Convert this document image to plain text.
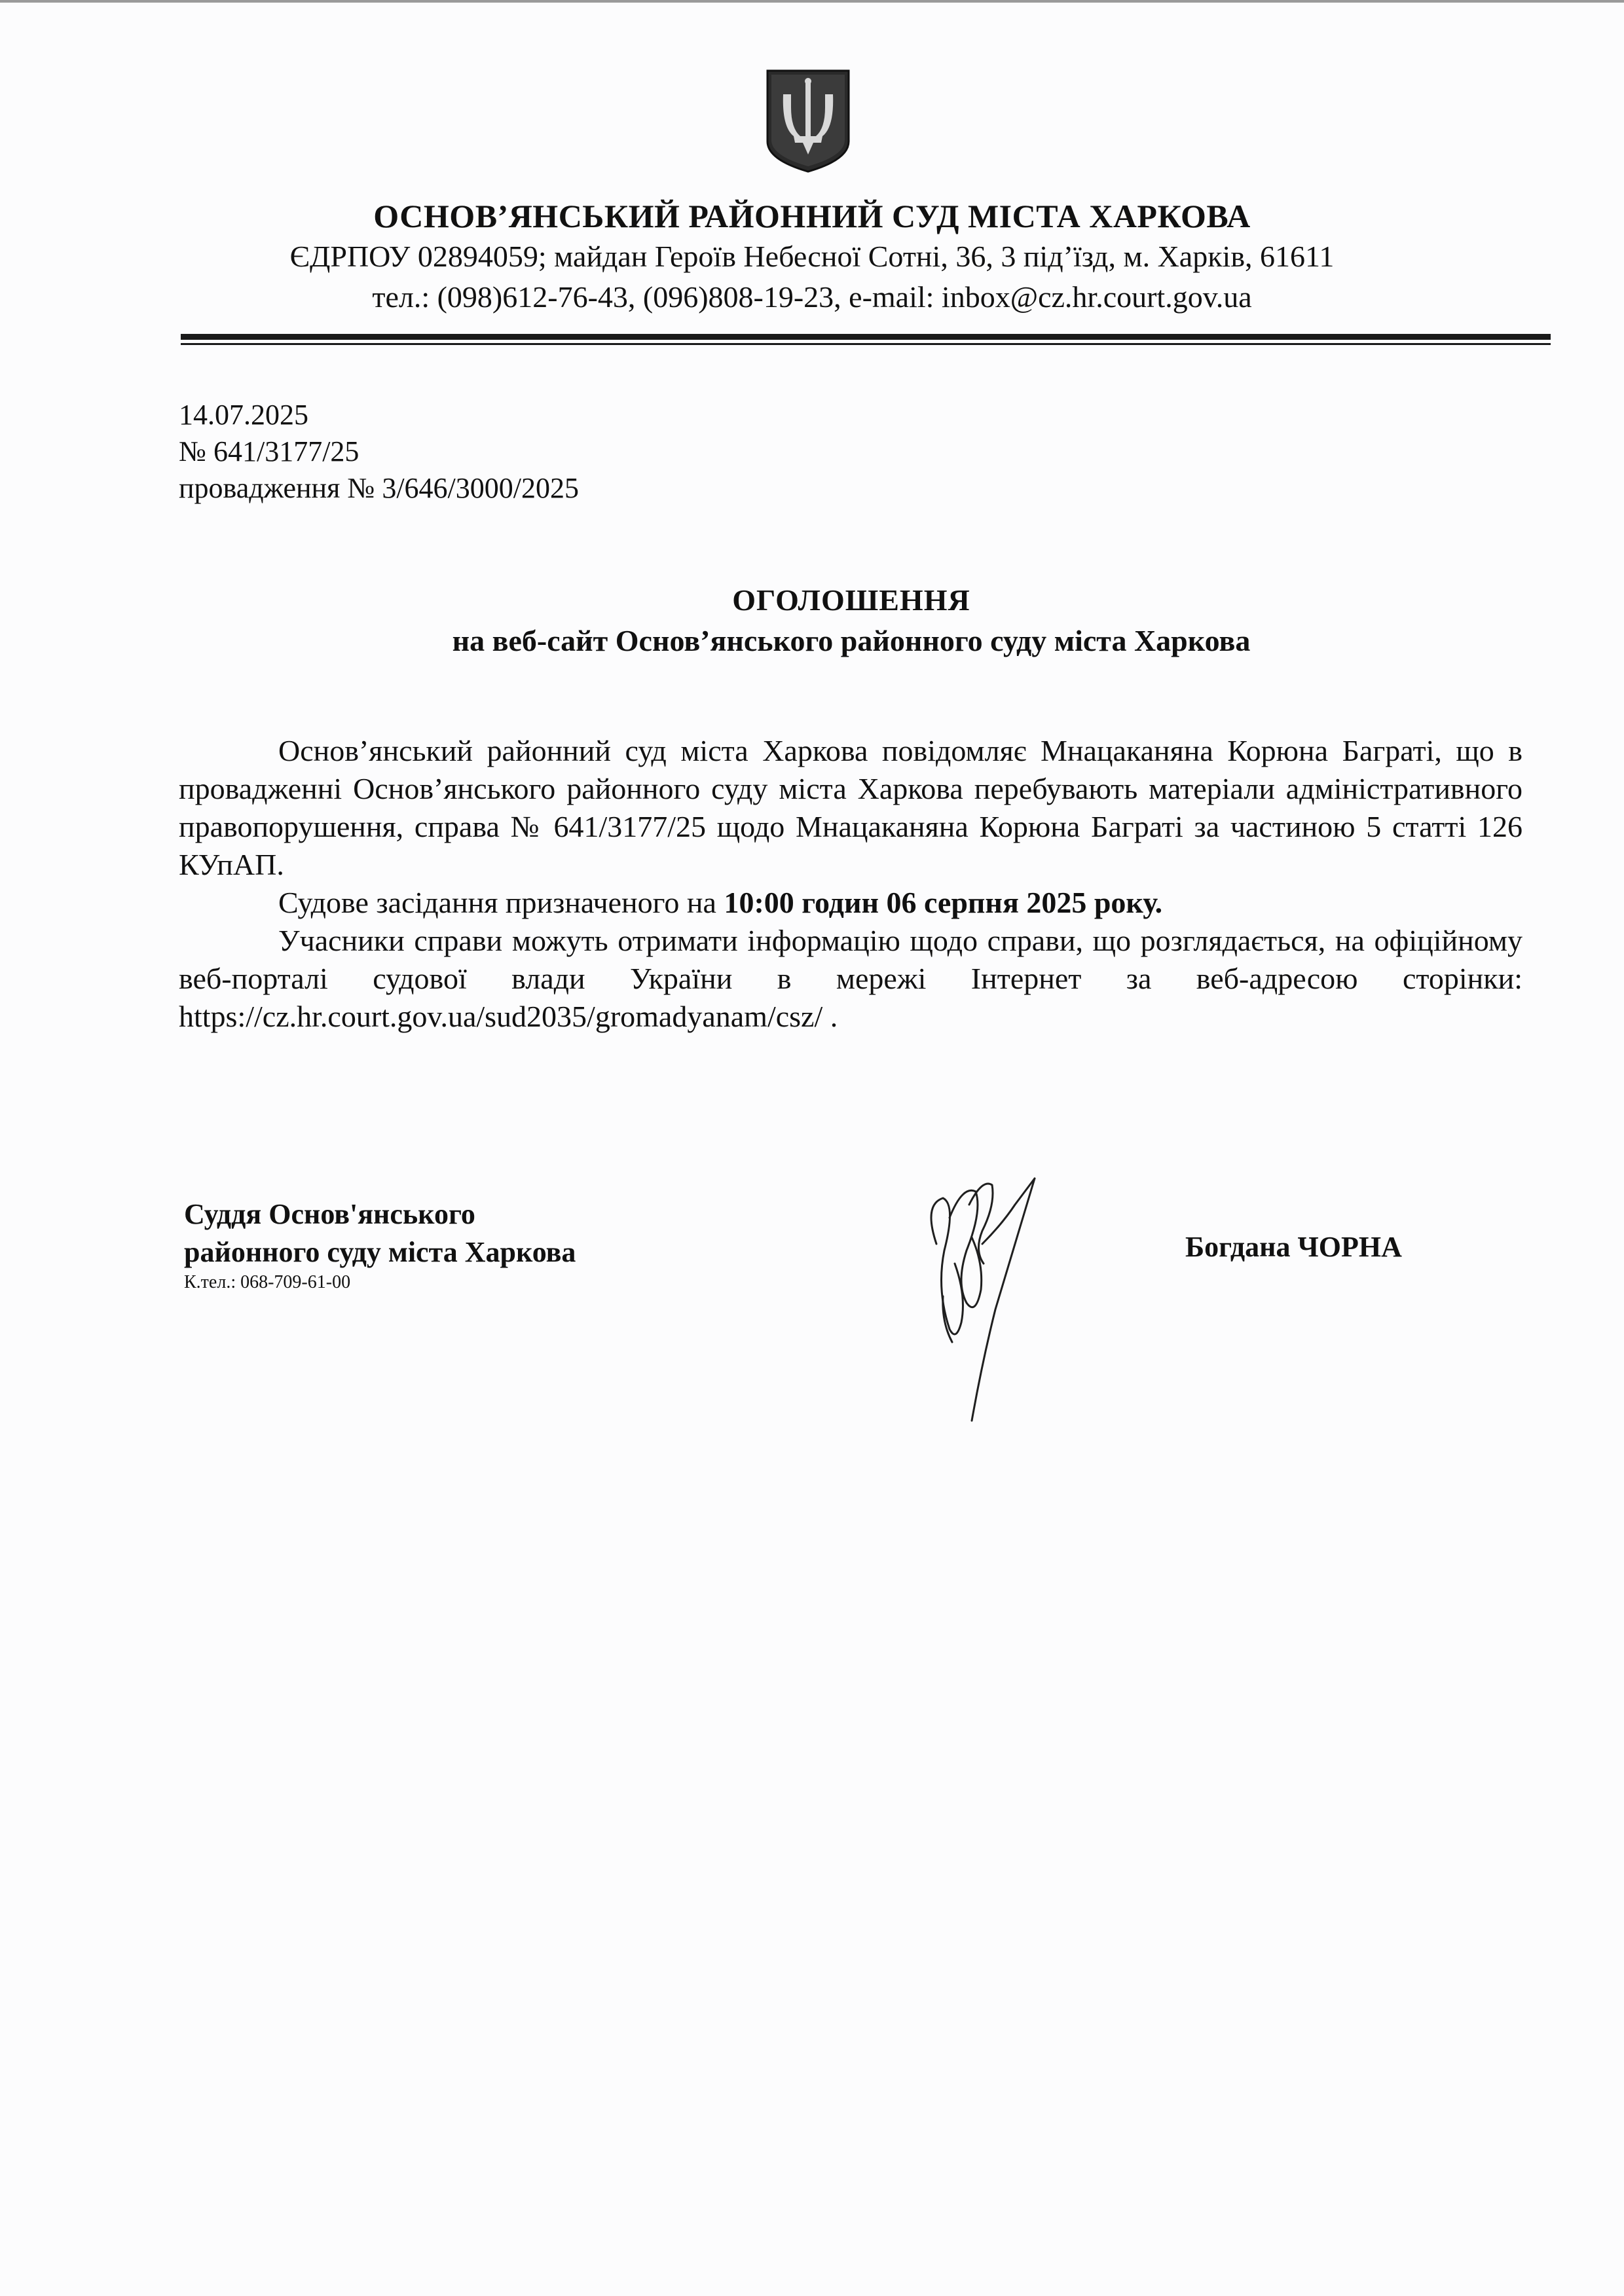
ОСНОВ’ЯНСЬКИЙ РАЙОННИЙ СУД МІСТА ХАРКОВА
ЄДРПОУ 02894059; майдан Героїв Небесної Сотні, 36, 3 під’їзд, м. Харків, 61611
тел.: (098)612-76-43, (096)808-19-23, e-mail: inbox@cz.hr.court.gov.ua
14.07.2025
№ 641/3177/25
провадження № 3/646/3000/2025
ОГОЛОШЕННЯ
на веб-сайт Основ’янського районного суду міста Харкова

Основ’янський районний суд міста Харкова повідомляє Мнацаканяна Корюна Баграті, що в провадженні Основ’янського районного суду міста Харкова перебувають матеріали адміністративного правопорушення, справа № 641/3177/25 щодо Мнацаканяна Корюна Баграті за частиною 5 статті 126 КУпАП.

Судове засідання призначеного на 10:00 годин 06 серпня 2025 року.

Учасники справи можуть отримати інформацію щодо справи, що розглядається, на офіційному веб-порталі судової влади України в мережі Інтернет за веб-адресою сторінки: https://cz.hr.court.gov.ua/sud2035/gromadyanam/csz/ .

Суддя Основ'янського
районного суду міста Харкова
К.тел.: 068-709-61-00
Богдана ЧОРНА
